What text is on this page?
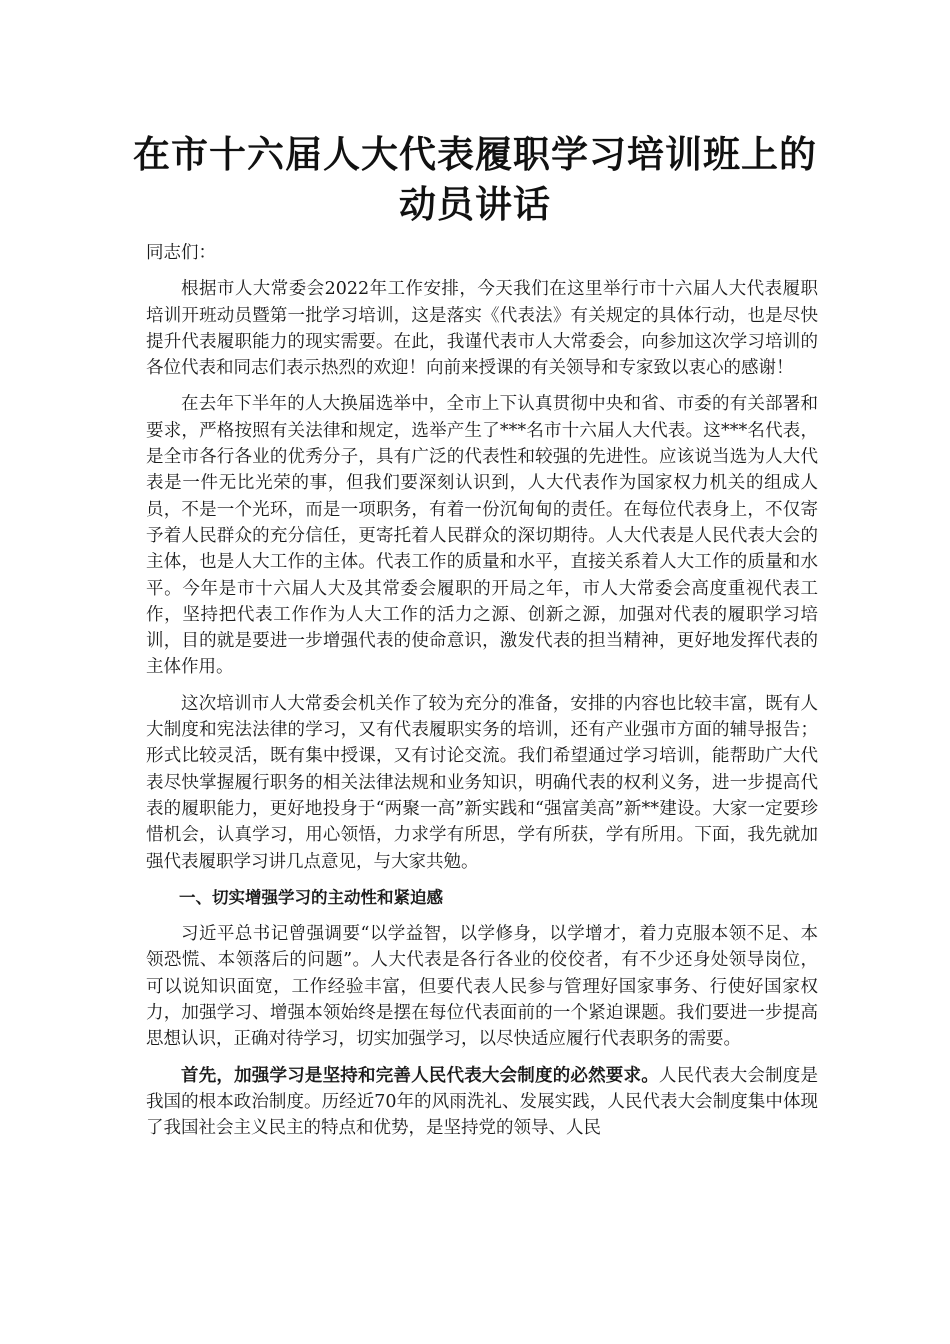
在市十六届人大代表履职学习培训班上的
动员讲话

同志们：

根据市人大常委会2022年工作安排，今天我们在这里举行市十六届人大代表履职培训开班动员暨第一批学习培训，这是落实《代表法》有关规定的具体行动，也是尽快提升代表履职能力的现实需要。在此，我谨代表市人大常委会，向参加这次学习培训的各位代表和同志们表示热烈的欢迎！向前来授课的有关领导和专家致以衷心的感谢！

在去年下半年的人大换届选举中，全市上下认真贯彻中央和省、市委的有关部署和要求，严格按照有关法律和规定，选举产生了***名市十六届人大代表。这***名代表，是全市各行各业的优秀分子，具有广泛的代表性和较强的先进性。应该说当选为人大代表是一件无比光荣的事，但我们要深刻认识到，人大代表作为国家权力机关的组成人员，不是一个光环，而是一项职务，有着一份沉甸甸的责任。在每位代表身上，不仅寄予着人民群众的充分信任，更寄托着人民群众的深切期待。人大代表是人民代表大会的主体，也是人大工作的主体。代表工作的质量和水平，直接关系着人大工作的质量和水平。今年是市十六届人大及其常委会履职的开局之年，市人大常委会高度重视代表工作，坚持把代表工作作为人大工作的活力之源、创新之源，加强对代表的履职学习培训，目的就是要进一步增强代表的使命意识，激发代表的担当精神，更好地发挥代表的主体作用。

这次培训市人大常委会机关作了较为充分的准备，安排的内容也比较丰富，既有人大制度和宪法法律的学习，又有代表履职实务的培训，还有产业强市方面的辅导报告；形式比较灵活，既有集中授课，又有讨论交流。我们希望通过学习培训，能帮助广大代表尽快掌握履行职务的相关法律法规和业务知识，明确代表的权利义务，进一步提高代表的履职能力，更好地投身于“两聚一高”新实践和“强富美高”新**建设。大家一定要珍惜机会，认真学习，用心领悟，力求学有所思，学有所获，学有所用。下面，我先就加强代表履职学习讲几点意见，与大家共勉。

一、切实增强学习的主动性和紧迫感

习近平总书记曾强调要“以学益智，以学修身，以学增才，着力克服本领不足、本领恐慌、本领落后的问题”。人大代表是各行各业的佼佼者，有不少还身处领导岗位，可以说知识面宽，工作经验丰富，但要代表人民参与管理好国家事务、行使好国家权力，加强学习、增强本领始终是摆在每位代表面前的一个紧迫课题。我们要进一步提高思想认识，正确对待学习，切实加强学习，以尽快适应履行代表职务的需要。

首先，加强学习是坚持和完善人民代表大会制度的必然要求。人民代表大会制度是我国的根本政治制度。历经近70年的风雨洗礼、发展实践，人民代表大会制度集中体现了我国社会主义民主的特点和优势，是坚持党的领导、人民
